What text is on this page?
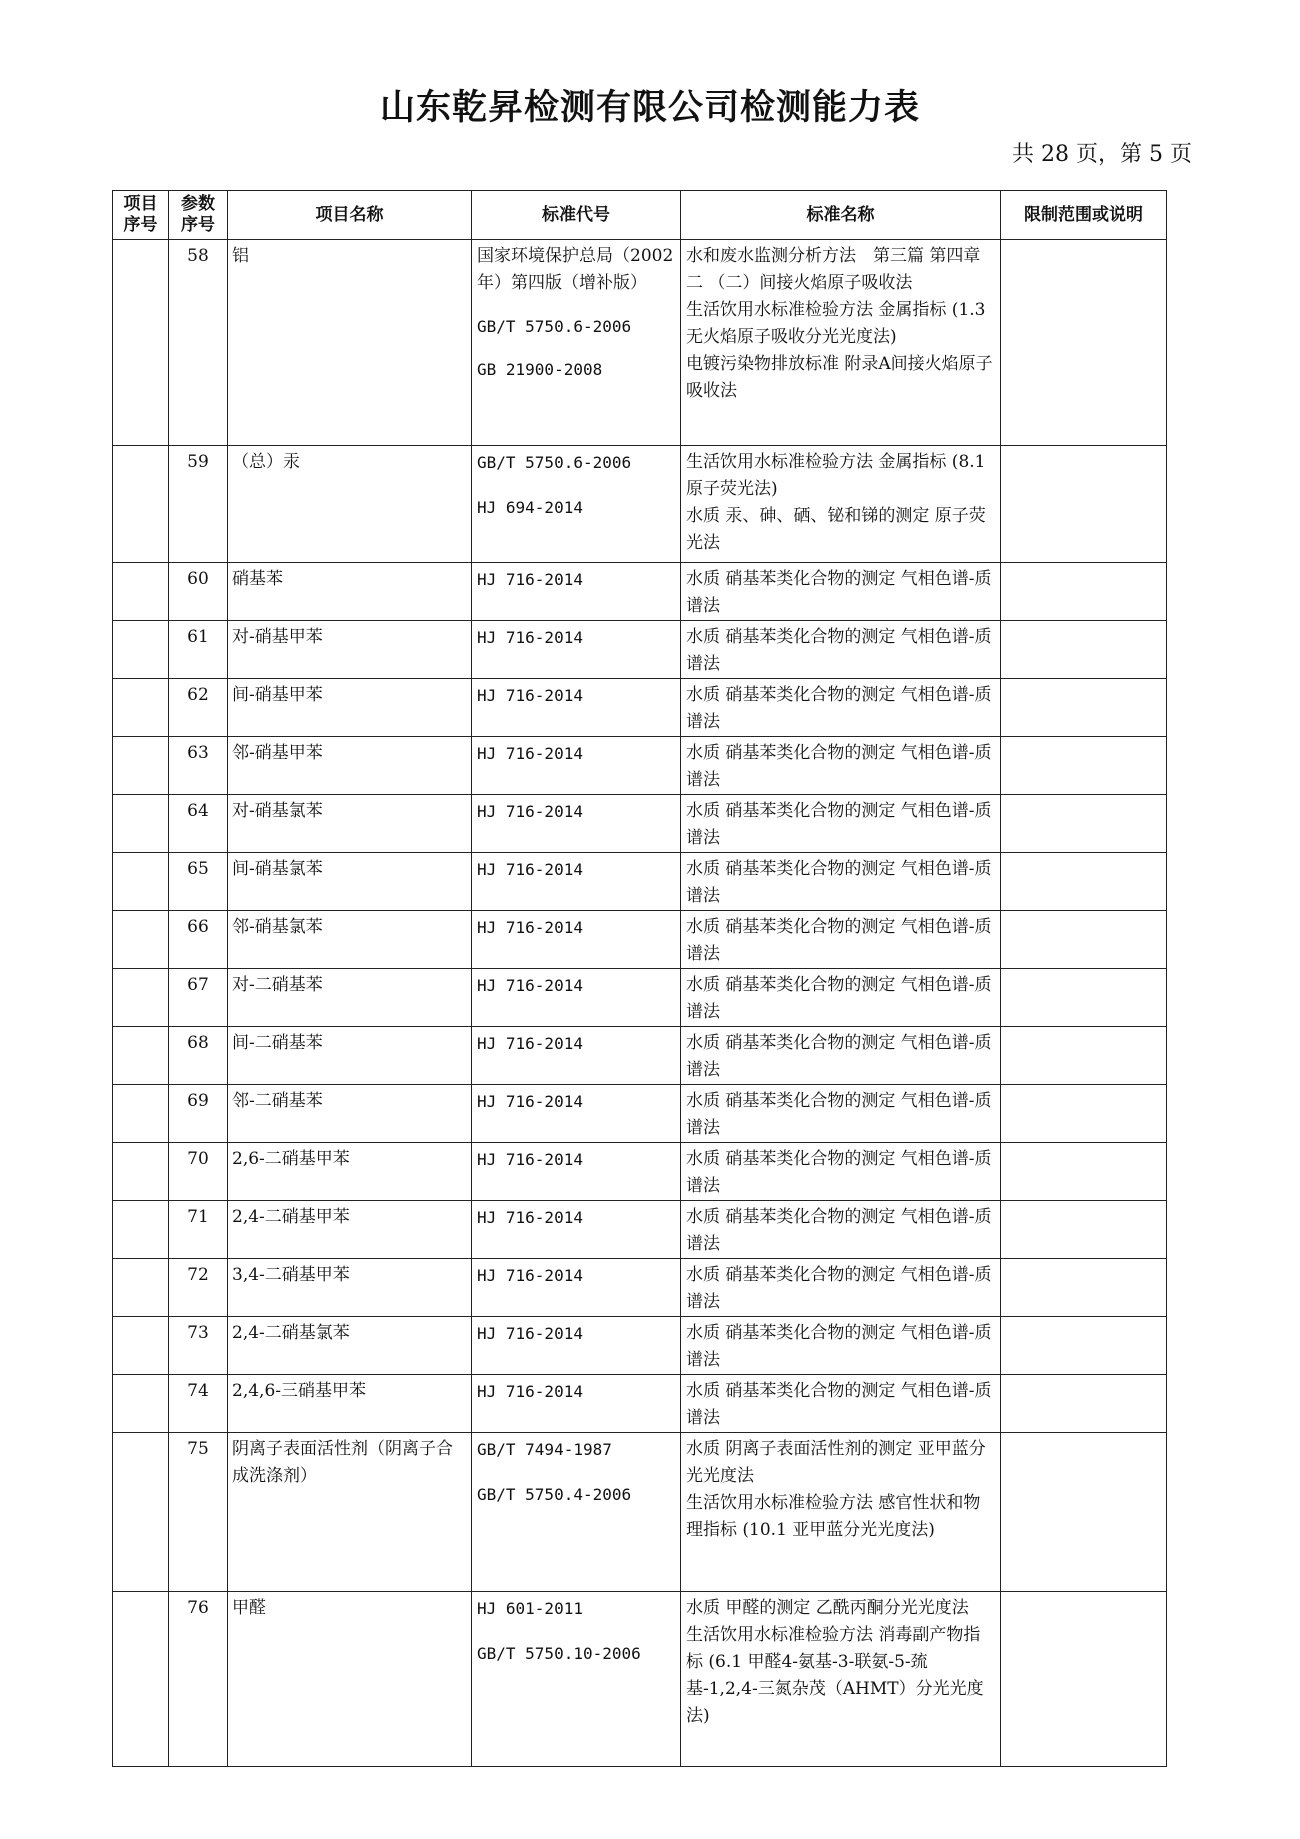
山东乾昇检测有限公司检测能力表
共 28 页，第 5 页
项目
序号	参数
序号	项目名称	标准代号	标准名称	限制范围或说明
	58	铝	国家环境保护总局（2002年）第四版（增补版）
GB/T 5750.6-2006
GB 21900-2008	水和废水监测分析方法　第三篇 第四章 二 （二）间接火焰原子吸收法
生活饮用水标准检验方法 金属指标 (1.3 无火焰原子吸收分光光度法)
电镀污染物排放标准 附录A间接火焰原子吸收法	

	59	（总）汞	GB/T 5750.6-2006
HJ 694-2014	生活饮用水标准检验方法 金属指标 (8.1 原子荧光法)
水质 汞、砷、硒、铋和锑的测定 原子荧光法	

	60	硝基苯	HJ 716-2014	水质 硝基苯类化合物的测定 气相色谱-质谱法	

	61	对-硝基甲苯	HJ 716-2014	水质 硝基苯类化合物的测定 气相色谱-质谱法	

	62	间-硝基甲苯	HJ 716-2014	水质 硝基苯类化合物的测定 气相色谱-质谱法	

	63	邻-硝基甲苯	HJ 716-2014	水质 硝基苯类化合物的测定 气相色谱-质谱法	

	64	对-硝基氯苯	HJ 716-2014	水质 硝基苯类化合物的测定 气相色谱-质谱法	

	65	间-硝基氯苯	HJ 716-2014	水质 硝基苯类化合物的测定 气相色谱-质谱法	

	66	邻-硝基氯苯	HJ 716-2014	水质 硝基苯类化合物的测定 气相色谱-质谱法	

	67	对-二硝基苯	HJ 716-2014	水质 硝基苯类化合物的测定 气相色谱-质谱法	

	68	间-二硝基苯	HJ 716-2014	水质 硝基苯类化合物的测定 气相色谱-质谱法	

	69	邻-二硝基苯	HJ 716-2014	水质 硝基苯类化合物的测定 气相色谱-质谱法	

	70	2,6-二硝基甲苯	HJ 716-2014	水质 硝基苯类化合物的测定 气相色谱-质谱法	

	71	2,4-二硝基甲苯	HJ 716-2014	水质 硝基苯类化合物的测定 气相色谱-质谱法	

	72	3,4-二硝基甲苯	HJ 716-2014	水质 硝基苯类化合物的测定 气相色谱-质谱法	

	73	2,4-二硝基氯苯	HJ 716-2014	水质 硝基苯类化合物的测定 气相色谱-质谱法	

	74	2,4,6-三硝基甲苯	HJ 716-2014	水质 硝基苯类化合物的测定 气相色谱-质谱法	

	75	阴离子表面活性剂（阴离子合成洗涤剂）	GB/T 7494-1987
GB/T 5750.4-2006	水质 阴离子表面活性剂的测定 亚甲蓝分光光度法
生活饮用水标准检验方法 感官性状和物理指标 (10.1 亚甲蓝分光光度法)	

	76	甲醛	HJ 601-2011
GB/T 5750.10-2006	水质 甲醛的测定 乙酰丙酮分光光度法
生活饮用水标准检验方法 消毒副产物指标 (6.1 甲醛4-氨基-3-联氨-5-巯基-1,2,4-三氮杂茂（AHMT）分光光度法)	
